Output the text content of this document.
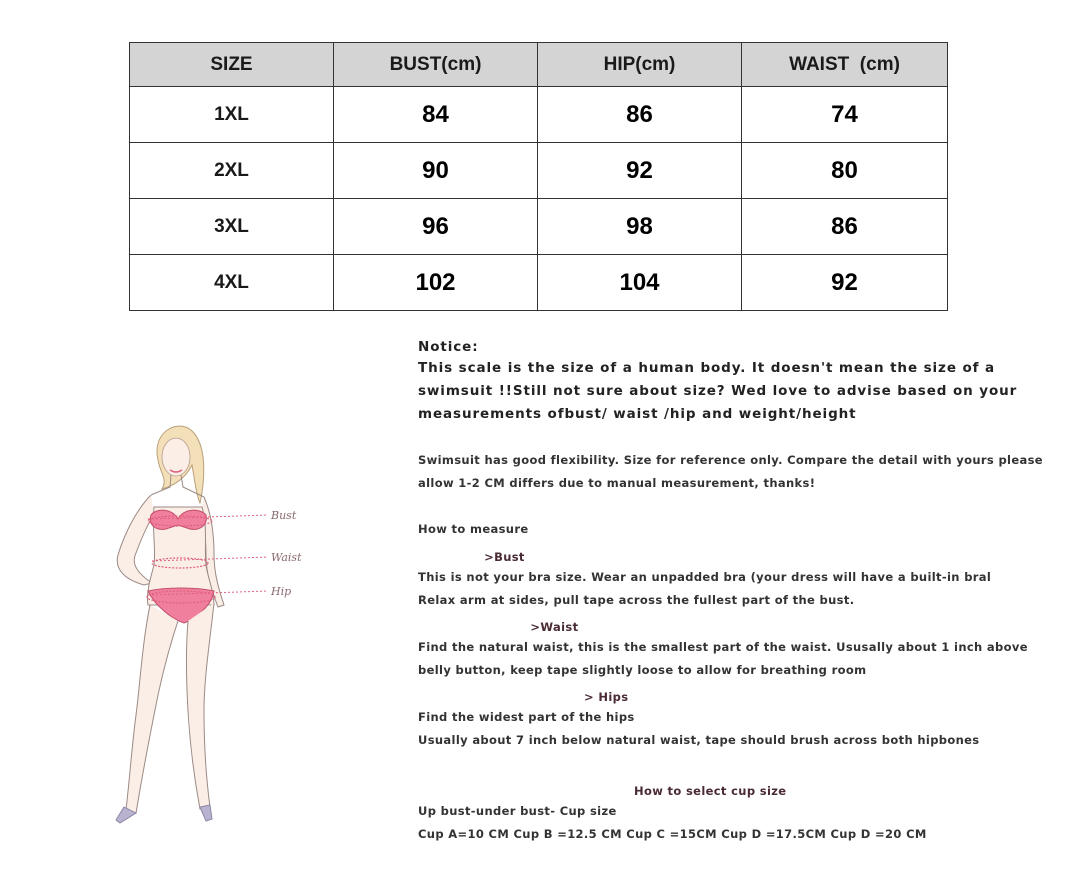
SIZE	BUST(cm)	HIP(cm)	WAIST  (cm)
1XL	84	86	74
2XL	90	92	80
3XL	96	98	86
4XL	102	104	92
Bust
Waist
Hip
Notice:
This scale is the size of a human body. It doesn't mean the size of a
swimsuit !!Still not sure about size? Wed love to advise based on your
measurements ofbust/ waist /hip and weight/height
Swimsuit has good flexibility. Size for reference only. Compare the detail with yours please
allow 1-2 CM differs due to manual measurement, thanks!
How to measure
>Bust
This is not your bra size. Wear an unpadded bra (your dress will have a built-in bral
Relax arm at sides, pull tape across the fullest part of the bust.
>Waist
Find the natural waist, this is the smallest part of the waist. Ususally about 1 inch above
belly button, keep tape slightly loose to allow for breathing room
> Hips
Find the widest part of the hips
Usually about 7 inch below natural waist, tape should brush across both hipbones
How to select cup size
Up bust-under bust- Cup size
Cup A=10 CM Cup B =12.5 CM Cup C =15CM Cup D =17.5CM Cup D =20 CM
